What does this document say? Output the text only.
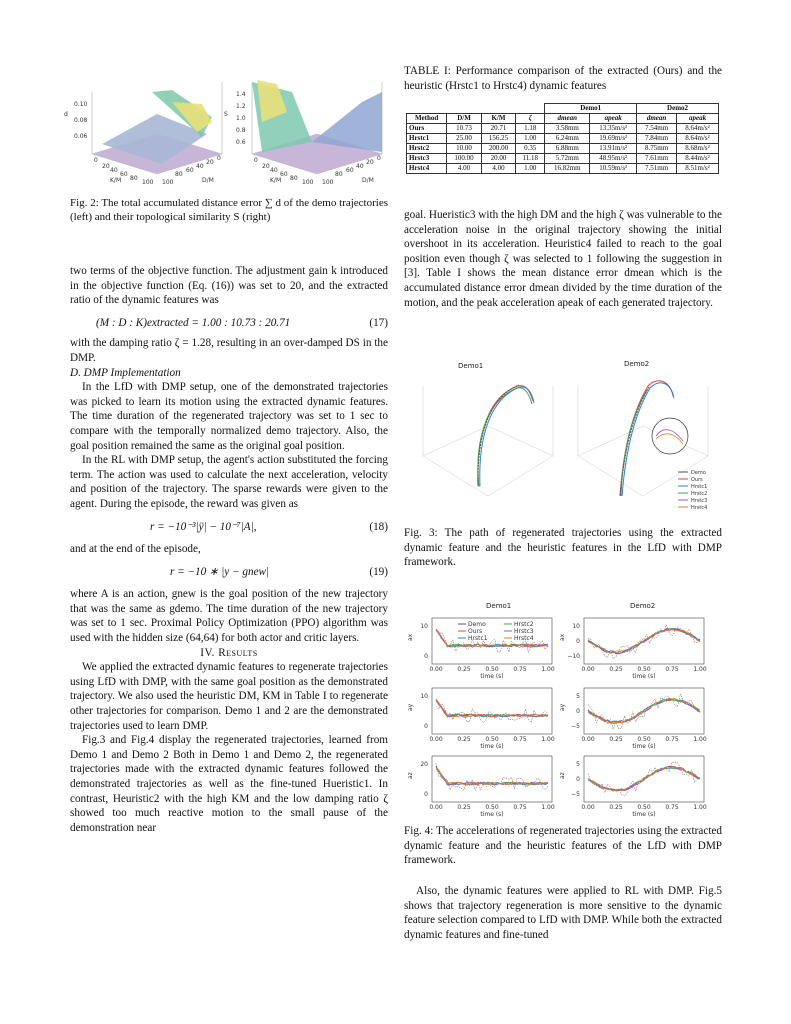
d
0.10
0.08
0.06
0
20
40
60
80
100
K/M
0
20
40
60
80
100	D/M
S
1.4
1.2
1.0
0.8
0.6
0
20
40
60
80
100
K/M
0
20
40
60
80
100	D/M

Fig. 2: The total accumulated distance error ∑ d of the demo trajectories (left) and their topological similarity S (right)

two terms of the objective function. The adjustment gain k introduced in the objective function (Eq. (16)) was set to 20, and the extracted ratio of the dynamic features was

(M : D : K)extracted = 1.00 : 10.73 : 20.71	(17)

with the damping ratio ζ = 1.28, resulting in an over-damped DS in the DMP.

D. DMP Implementation

In the LfD with DMP setup, one of the demonstrated trajectories was picked to learn its motion using the extracted dynamic features. The time duration of the regenerated trajectory was set to 1 sec to compare with the temporally normalized demo trajectory. Also, the goal position remained the same as the original goal position.

In the RL with DMP setup, the agent's action substituted the forcing term. The action was used to calculate the next acceleration, velocity and position of the trajectory. The sparse rewards were given to the agent. During the episode, the reward was given as

r = −10⁻³|ÿ| − 10⁻⁷|A|,	(18)

and at the end of the episode,

r = −10 ∗ |y − gnew|	(19)

where A is an action, gnew is the goal position of the new trajectory that was the same as gdemo. The time duration of the new trajectory was set to 1 sec. Proximal Policy Optimization (PPO) algorithm was used with the hidden size (64,64) for both actor and critic layers.

IV. Results

We applied the extracted dynamic features to regenerate trajectories using LfD with DMP, with the same goal position as the demonstrated trajectory. We also used the heuristic DM, KM in Table I to regenerate other trajectories for comparison. Demo 1 and 2 are the demonstrated trajectories used to learn DMP.

Fig.3 and Fig.4 display the regenerated trajectories, learned from Demo 1 and Demo 2 Both in Demo 1 and Demo 2, the regenerated trajectories made with the extracted dynamic features followed the demonstrated trajectories as well as the fine-tuned Hueristic1. In contrast, Heuristic2 with the high KM and the low damping ratio ζ showed too much reactive motion to the small pause of the demonstration near

TABLE I: Performance comparison of the extracted (Ours) and the heuristic (Hrstc1 to Hrstc4) dynamic features
				Demo1		Demo2	
Method	D/M	K/M	ζ	dmean	apeak	dmean	apeak
Ours	10.73	20.71	1.18	3.58mm	13.35m/s²	7.54mm	8.64m/s²
Hrstc1	25.00	156.25	1.00	6.24mm	19.69m/s²	7.84mm	8.64m/s²
Hrstc2	10.00	200.00	0.35	6.88mm	13.91m/s²	8.75mm	8.68m/s²
Hrstc3	100.00	20.00	11.18	5.72mm	48.95m/s²	7.61mm	8.44m/s²
Hrstc4	4.00	4.00	1.00	16.82mm	10.59m/s²	7.51mm	8.51m/s²

goal. Hueristic3 with the high DM and the high ζ was vulnerable to the acceleration noise in the original trajectory showing the initial overshoot in its acceleration. Heuristic4 failed to reach to the goal position even though ζ was selected to 1 following the suggestion in [3]. Table I shows the mean distance error dmean which is the accumulated distance error dmean divided by the time duration of the motion, and the peak acceleration apeak of each generated trajectory.

Demo1	Demo2
Demo
Ours
Hrstc1
Hrstc2
Hrstc3
Hrstc4
Fig. 3: The path of regenerated trajectories using the extracted dynamic feature and the heuristic features in the LfD with DMP framework.
Demo1	Demo2
ax
10
0
0.00 0.25 0.50 0.75 1.00
time (s)
ax
10
0
−10
0.00 0.25 0.50 0.75 1.00
time (s)
ay
10
0
0.00 0.25 0.50 0.75 1.00
time (s)
ay
5
0
−5
0.00 0.25 0.50 0.75 1.00
time (s)
az
20
0
0.00 0.25 0.50 0.75 1.00
time (s)
az
5
0
−5
0.00 0.25 0.50 0.75 1.00
time (s)
Demo
Ours
Hrstc1
Hrstc2
Hrstc3
Hrstc4
Fig. 4: The accelerations of regenerated trajectories using the extracted dynamic feature and the heuristic features of the LfD with DMP framework.

Also, the dynamic features were applied to RL with DMP. Fig.5 shows that trajectory regeneration is more sensitive to the dynamic feature selection compared to LfD with DMP. While both the extracted dynamic features and fine-tuned
